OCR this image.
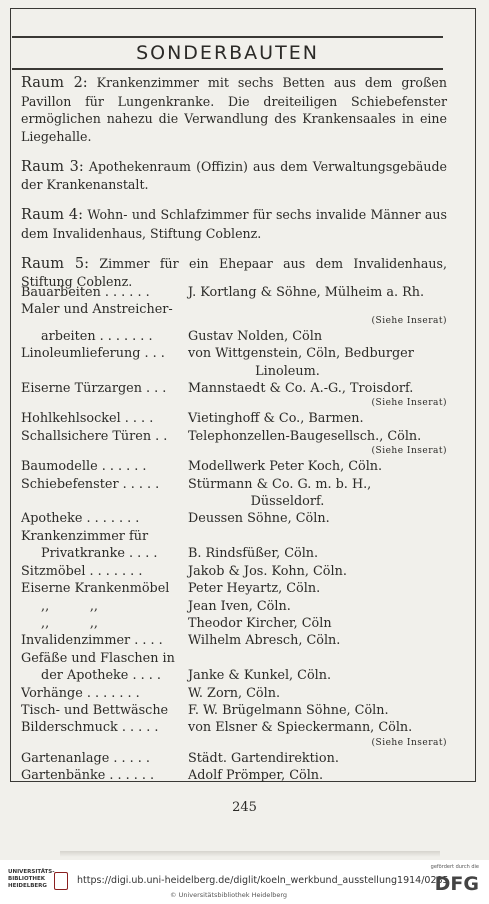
SONDERBAUTEN

Raum 2: Krankenzimmer mit sechs Betten aus dem großen Pavillon für Lungenkranke. Die dreiteiligen Schiebefenster ermöglichen nahezu die Verwandlung des Krankensaales in eine Liegehalle.

Raum 3: Apothekenraum (Offizin) aus dem Verwaltungsgebäude der Krankenanstalt.

Raum 4: Wohn- und Schlafzimmer für sechs invalide Männer aus dem Invalidenhaus, Stiftung Coblenz.

Raum 5: Zimmer für ein Ehepaar aus dem Invalidenhaus, Stiftung Coblenz.

Bauarbeiten . . . . . .	J. Kortlang & Söhne, Mülheim a. Rh.
Maler und Anstreicher-
(Siehe Inserat)
arbeiten . . . . . . .	Gustav Nolden, Cöln
Linoleumlieferung . . .	von Wittgenstein, Cöln, Bedburger
Linoleum.
Eiserne Türzargen . . .	Mannstaedt & Co. A.-G., Troisdorf.
(Siehe Inserat)
Hohlkehlsockel . . . .	Vietinghoff & Co., Barmen.
Schallsichere Türen . .	Telephonzellen-Baugesellsch., Cöln.
(Siehe Inserat)
Baumodelle . . . . . .	Modellwerk Peter Koch, Cöln.
Schiebefenster . . . . .	Stürmann & Co. G. m. b. H.,
Düsseldorf.
Apotheke . . . . . . .	Deussen Söhne, Cöln.
Krankenzimmer für
Privatkranke . . . .	B. Rindsfüßer, Cöln.
Sitzmöbel . . . . . . .	Jakob & Jos. Kohn, Cöln.
Eiserne Krankenmöbel	Peter Heyartz, Cöln.
,,          ,,	Jean Iven, Cöln.
,,          ,,	Theodor Kircher, Cöln
Invalidenzimmer . . . .	Wilhelm Abresch, Cöln.
Gefäße und Flaschen in
der Apotheke . . . .	Janke & Kunkel, Cöln.
Vorhänge . . . . . . .	W. Zorn, Cöln.
Tisch- und Bettwäsche	F. W. Brügelmann Söhne, Cöln.
Bilderschmuck . . . . .	von Elsner & Spieckermann, Cöln.
(Siehe Inserat)
Gartenanlage . . . . .	Städt. Gartendirektion.
Gartenbänke . . . . . .	Adolf Prömper, Cöln.
245
UNIVERSITÄTS-
BIBLIOTHEK
HEIDELBERG	https://digi.ub.uni-heidelberg.de/diglit/koeln_werkbund_ausstellung1914/0285
© Universitätsbibliothek Heidelberg
gefördert durch die
DFG
